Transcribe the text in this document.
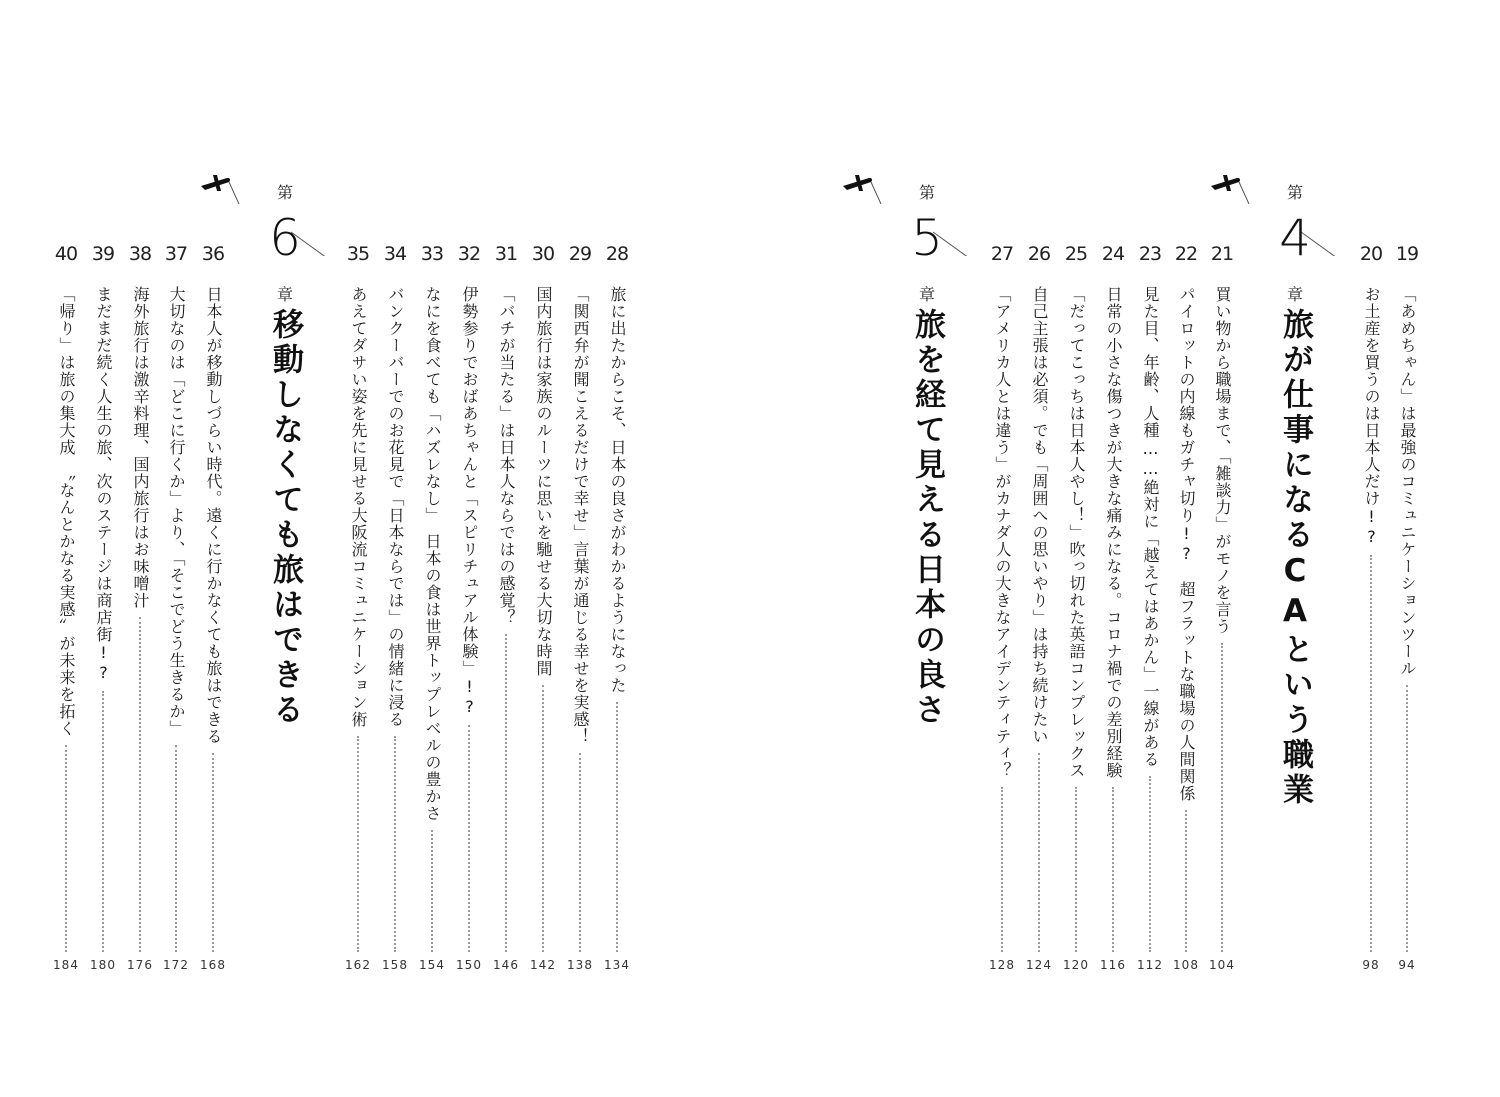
第
4
章
旅が仕事になるCAという職業
第
5
章
旅を経て見える日本の良さ
第
6
章
移動しなくても旅はできる
19
「あめちゃん」は最強のコミュニケーションツール
94
20
お土産を買うのは日本人だけ!?
98
21
買い物から職場まで、「雑談力」がモノを言う
104
22
パイロットの内線もガチャ切り!?　超フラットな職場の人間関係
108
23
見た目、年齢、人種……絶対に「越えてはあかん」一線がある
112
24
日常の小さな傷つきが大きな痛みになる。コロナ禍での差別経験
116
25
「だってこっちは日本人やし！」吹っ切れた英語コンプレックス
120
26
自己主張は必須。でも「周囲への思いやり」は持ち続けたい
124
27
「アメリカ人とは違う」がカナダ人の大きなアイデンティティ？
128
28
旅に出たからこそ、日本の良さがわかるようになった
134
29
「関西弁が聞こえるだけで幸せ」言葉が通じる幸せを実感！
138
30
国内旅行は家族のルーツに思いを馳せる大切な時間
142
31
「バチが当たる」は日本人ならではの感覚？
146
32
伊勢参りでおばあちゃんと「スピリチュアル体験」!?
150
33
なにを食べても「ハズレなし」　日本の食は世界トップレベルの豊かさ
154
34
バンクーバーでのお花見で「日本ならでは」の情緒に浸る
158
35
あえてダサい姿を先に見せる大阪流コミュニケーション術
162
36
日本人が移動しづらい時代。遠くに行かなくても旅はできる
168
37
大切なのは「どこに行くか」より、「そこでどう生きるか」
172
38
海外旅行は激辛料理、国内旅行はお味噌汁
176
39
まだまだ続く人生の旅、次のステージは商店街!?
180
40
「帰り」は旅の集大成　〝なんとかなる実感〟が未来を拓く
184
